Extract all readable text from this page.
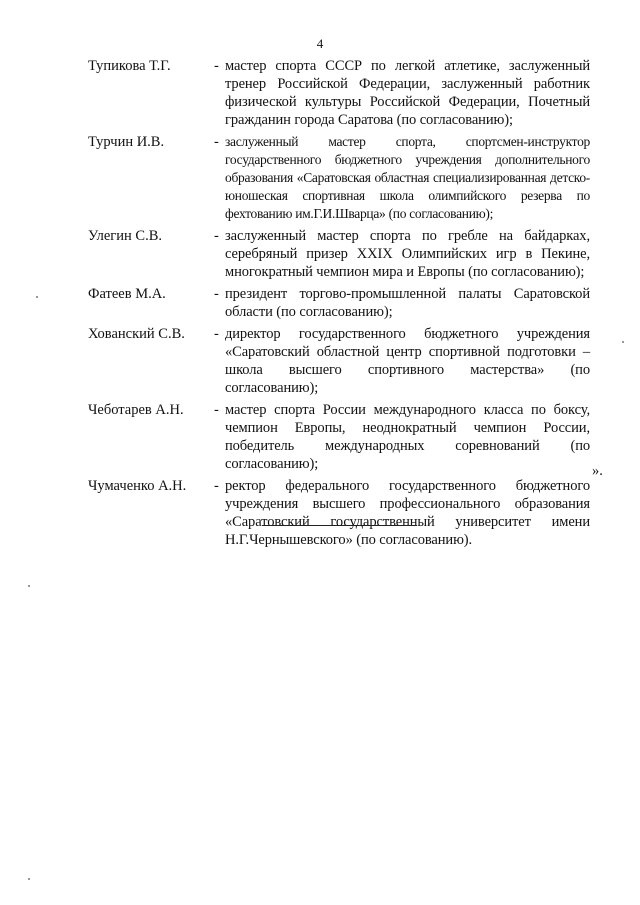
4
Тупикова Т.Г.	- мастер спорта СССР по легкой атлетике, заслуженный тренер Российской Федерации, заслуженный работник физической культуры Российской Федерации, Почетный гражданин города Саратова (по согласованию);
Турчин И.В.	- заслуженный мастер спорта, спортсмен-инструктор государственного бюджетного учреждения дополнительного образования «Саратовская областная специализированная детско-юношеская спортивная школа олимпийского резерва по фехтованию им.Г.И.Шварца» (по согласованию);
Улегин С.В.	- заслуженный мастер спорта по гребле на байдарках, серебряный призер XXIX Олимпийских игр в Пекине, многократный чемпион мира и Европы (по согласованию);
Фатеев М.А.	- президент торгово-промышленной палаты Саратовской области (по согласованию);
Хованский С.В. - директор государственного бюджетного учреждения «Саратовский областной центр спортивной подготовки – школа высшего спортивного мастерства» (по согласованию);
Чеботарев А.Н. - мастер спорта России международного класса по боксу, чемпион Европы, неоднократный чемпион России, победитель международных соревнований (по согласованию);
Чумаченко А.Н. - ректор федерального государственного бюджетного учреждения высшего профессионального образования «Саратовский государственный университет имени Н.Г.Чернышевского» (по согласованию).
».
